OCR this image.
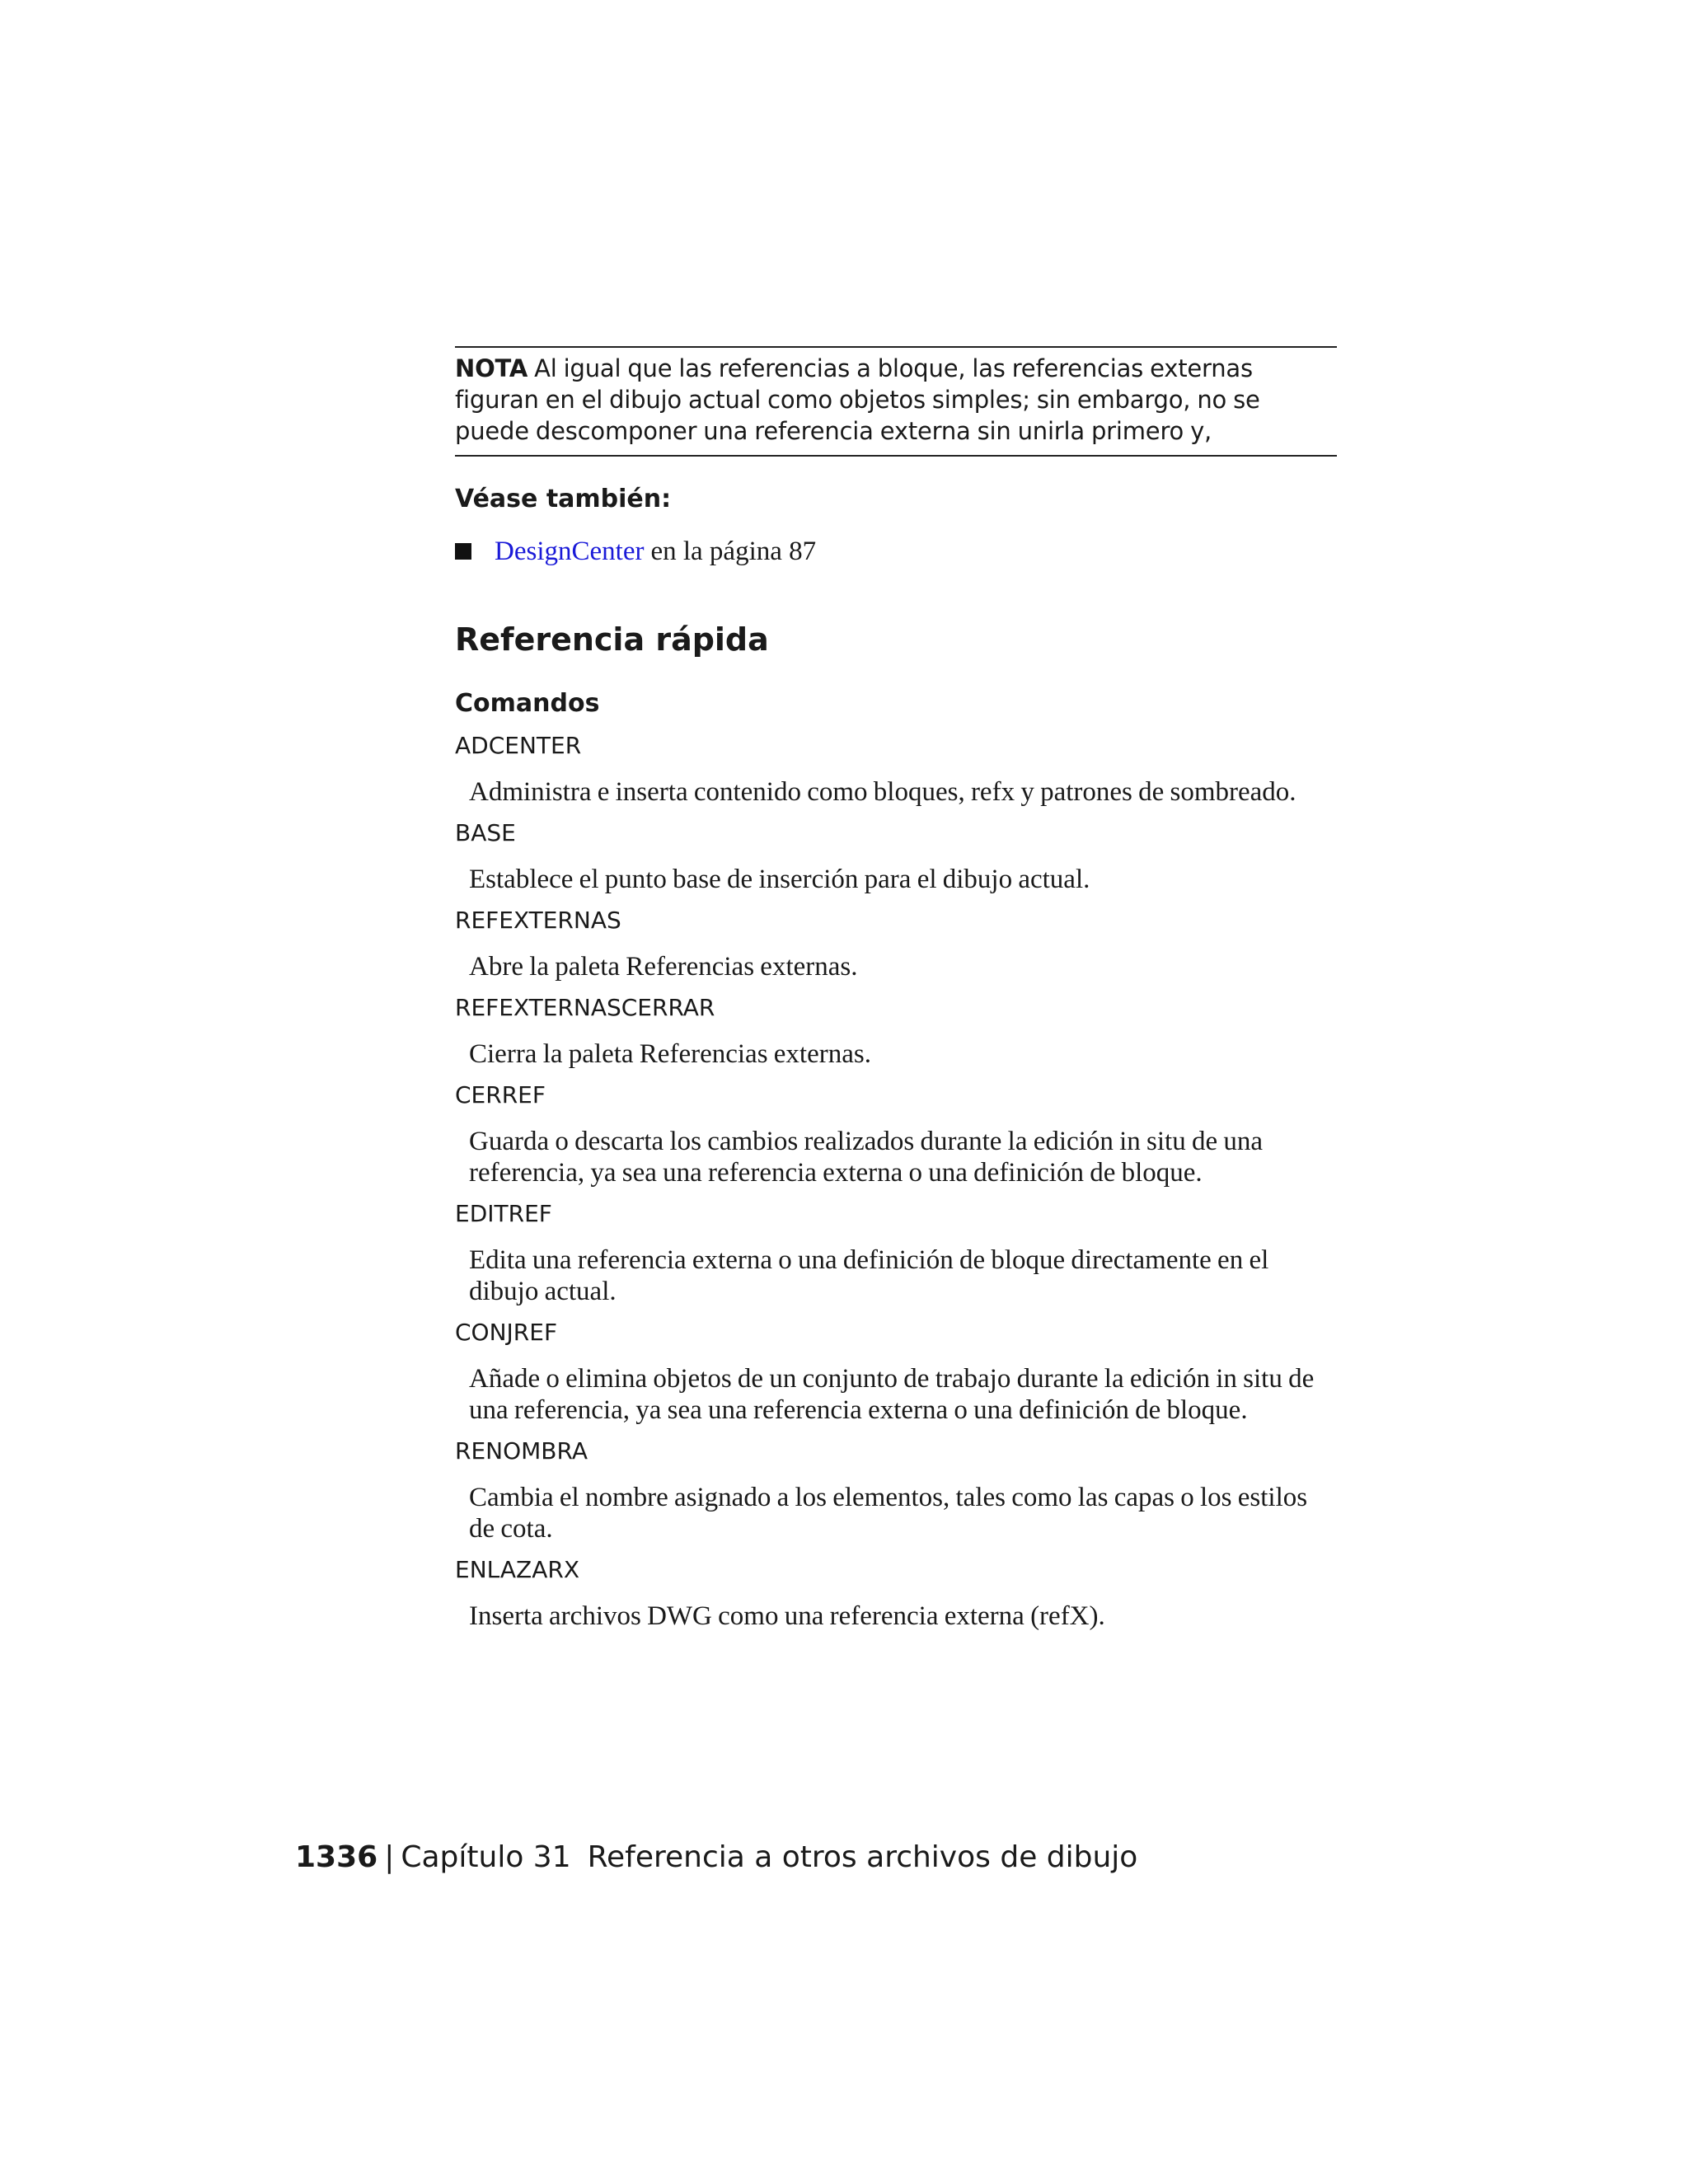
NOTA Al igual que las referencias a bloque, las referencias externas figuran en el dibujo actual como objetos simples; sin embargo, no se puede descomponer una referencia externa sin unirla primero y,
Véase también:
DesignCenter en la página 87
Referencia rápida
Comandos
ADCENTER
Administra e inserta contenido como bloques, refx y patrones de sombreado.
BASE
Establece el punto base de inserción para el dibujo actual.
REFEXTERNAS
Abre la paleta Referencias externas.
REFEXTERNASCERRAR
Cierra la paleta Referencias externas.
CERREF
Guarda o descarta los cambios realizados durante la edición in situ de una referencia, ya sea una referencia externa o una definición de bloque.
EDITREF
Edita una referencia externa o una definición de bloque directamente en el dibujo actual.
CONJREF
Añade o elimina objetos de un conjunto de trabajo durante la edición in situ de una referencia, ya sea una referencia externa o una definición de bloque.
RENOMBRA
Cambia el nombre asignado a los elementos, tales como las capas o los estilos de cota.
ENLAZARX
Inserta archivos DWG como una referencia externa (refX).
1336 | Capítulo 31 Referencia a otros archivos de dibujo
